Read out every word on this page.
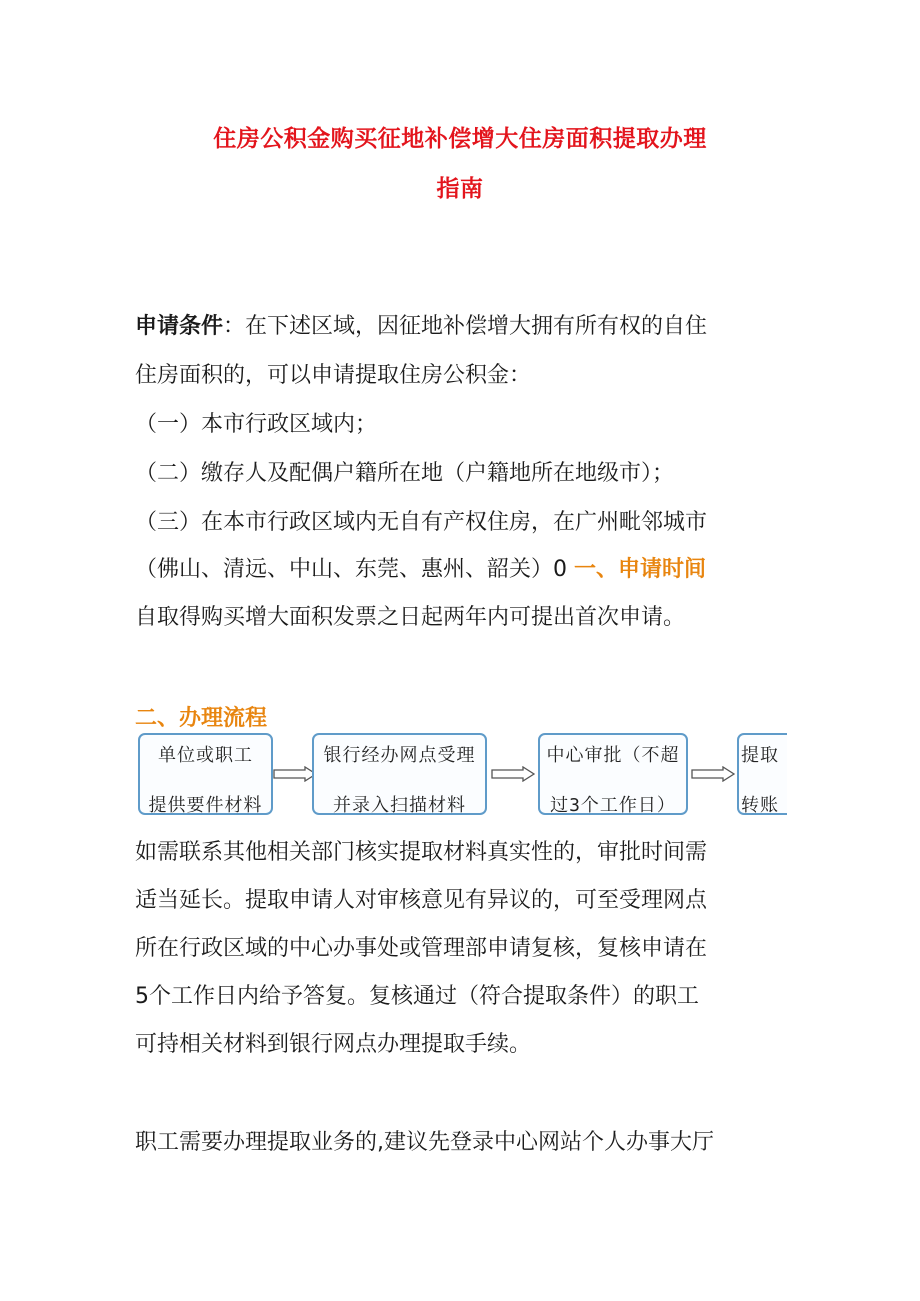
住房公积金购买征地补偿增大住房面积提取办理
指南
申请条件：在下述区域，因征地补偿增大拥有所有权的自住
住房面积的，可以申请提取住房公积金：
（一）本市行政区域内；
（二）缴存人及配偶户籍所在地（户籍地所在地级市）；
（三）在本市行政区域内无自有产权住房，在广州毗邻城市
（佛山、清远、中山、东莞、惠州、韶关）0 一、申请时间
自取得购买增大面积发票之日起两年内可提出首次申请。
二、办理流程
单位或职工
提供要件材料
银行经办网点受理
并录入扫描材料
中心审批（不超
过3个工作日）
提取
转账
如需联系其他相关部门核实提取材料真实性的，审批时间需
适当延长。提取申请人对审核意见有异议的，可至受理网点
所在行政区域的中心办事处或管理部申请复核，复核申请在
5个工作日内给予答复。复核通过（符合提取条件）的职工
可持相关材料到银行网点办理提取手续。
职工需要办理提取业务的,建议先登录中心网站个人办事大厅
